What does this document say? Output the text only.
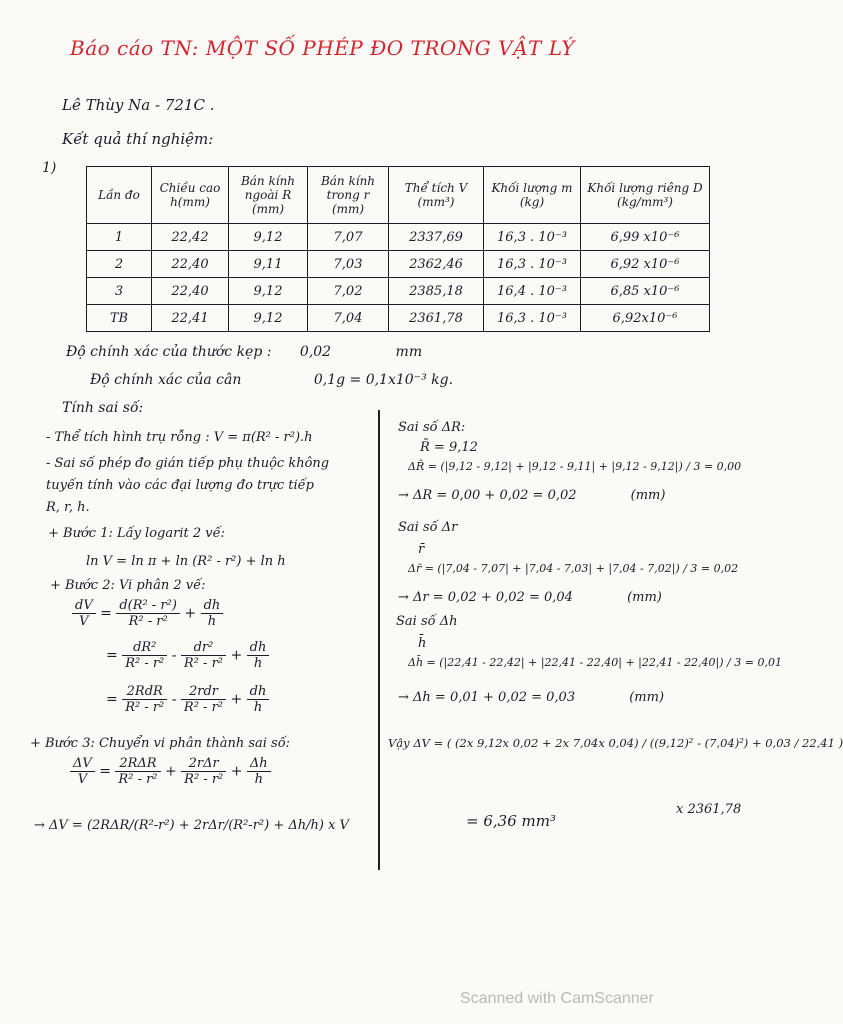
Báo cáo TN: MỘT SỐ PHÉP ĐO TRONG VẬT LÝ
Lê Thùy Na - 721C .
Kết quả thí nghiệm:
1)
Lần đo	Chiều cao h(mm)	Bán kính ngoài R (mm)	Bán kính trong r (mm)	Thể tích V (mm³)	Khối lượng m (kg)	Khối lượng riêng D (kg/mm³)
1	22,42	9,12	7,07	2337,69	16,3 . 10⁻³	6,99 x10⁻⁶
2	22,40	9,11	7,03	2362,46	16,3 . 10⁻³	6,92 x10⁻⁶
3	22,40	9,12	7,02	2385,18	16,4 . 10⁻³	6,85 x10⁻⁶
TB	22,41	9,12	7,04	2361,78	16,3 . 10⁻³	6,92x10⁻⁶
Độ chính xác của thước kẹp : 0,02	mm
Độ chính xác của cân	0,1g = 0,1x10⁻³ kg.
Tính sai số:
- Thể tích hình trụ rỗng : V = π(R² - r²).h
- Sai số phép đo gián tiếp phụ thuộc không
tuyến tính vào các đại lượng đo trực tiếp
R, r, h.
+ Bước 1: Lấy logarit 2 vế:
ln V = ln π + ln (R² - r²) + ln h
+ Bước 2: Vi phân 2 vế:
$\frac{dV}{V} = \frac{\text{d(R² - r²)}}{\text{R² - r²}} + \frac{dh}{h}$
= $\frac{\text{dR²}}{\text{R² - r²}} - \frac{\text{dr²}}{\text{R² - r²}} + \frac{dh}{h}$
= $\frac{\text{2RdR}}{\text{R² - r²}} - \frac{\text{2rdr}}{\text{R² - r²}} + \frac{dh}{h}$
+ Bước 3: Chuyển vi phân thành sai số:
$\frac{\Delta V}{V} = \frac{\text{2RΔR}}{\text{R² - r²}} + \frac{\text{2rΔr}}{\text{R² - r²}} + \frac{\Delta h}{h}$
→ ΔV = (2RΔR/(R²-r²) + 2rΔr/(R²-r²) + Δh/h) x V
Sai số ΔR:
R̄ = 9,12
ΔR̄ = (|9,12 - 9,12| + |9,12 - 9,11| + |9,12 - 9,12|) / 3 = 0,00
→ ΔR = 0,00 + 0,02 = 0,02	(mm)
Sai số Δr
r̄
Δr̄ = (|7,04 - 7,07| + |7,04 - 7,03| + |7,04 - 7,02|) / 3 = 0,02
→ Δr = 0,02 + 0,02 = 0,04	(mm)
Sai số Δh
h̄
Δh̄ = (|22,41 - 22,42| + |22,41 - 22,40| + |22,41 - 22,40|) / 3 = 0,01
→ Δh = 0,01 + 0,02 = 0,03	(mm)
Vậy ΔV = ( (2x 9,12x 0,02 + 2x 7,04x 0,04) / ((9,12)² - (7,04)²) + 0,03 / 22,41 )
x 2361,78
= 6,36 mm³
Scanned with CamScanner
